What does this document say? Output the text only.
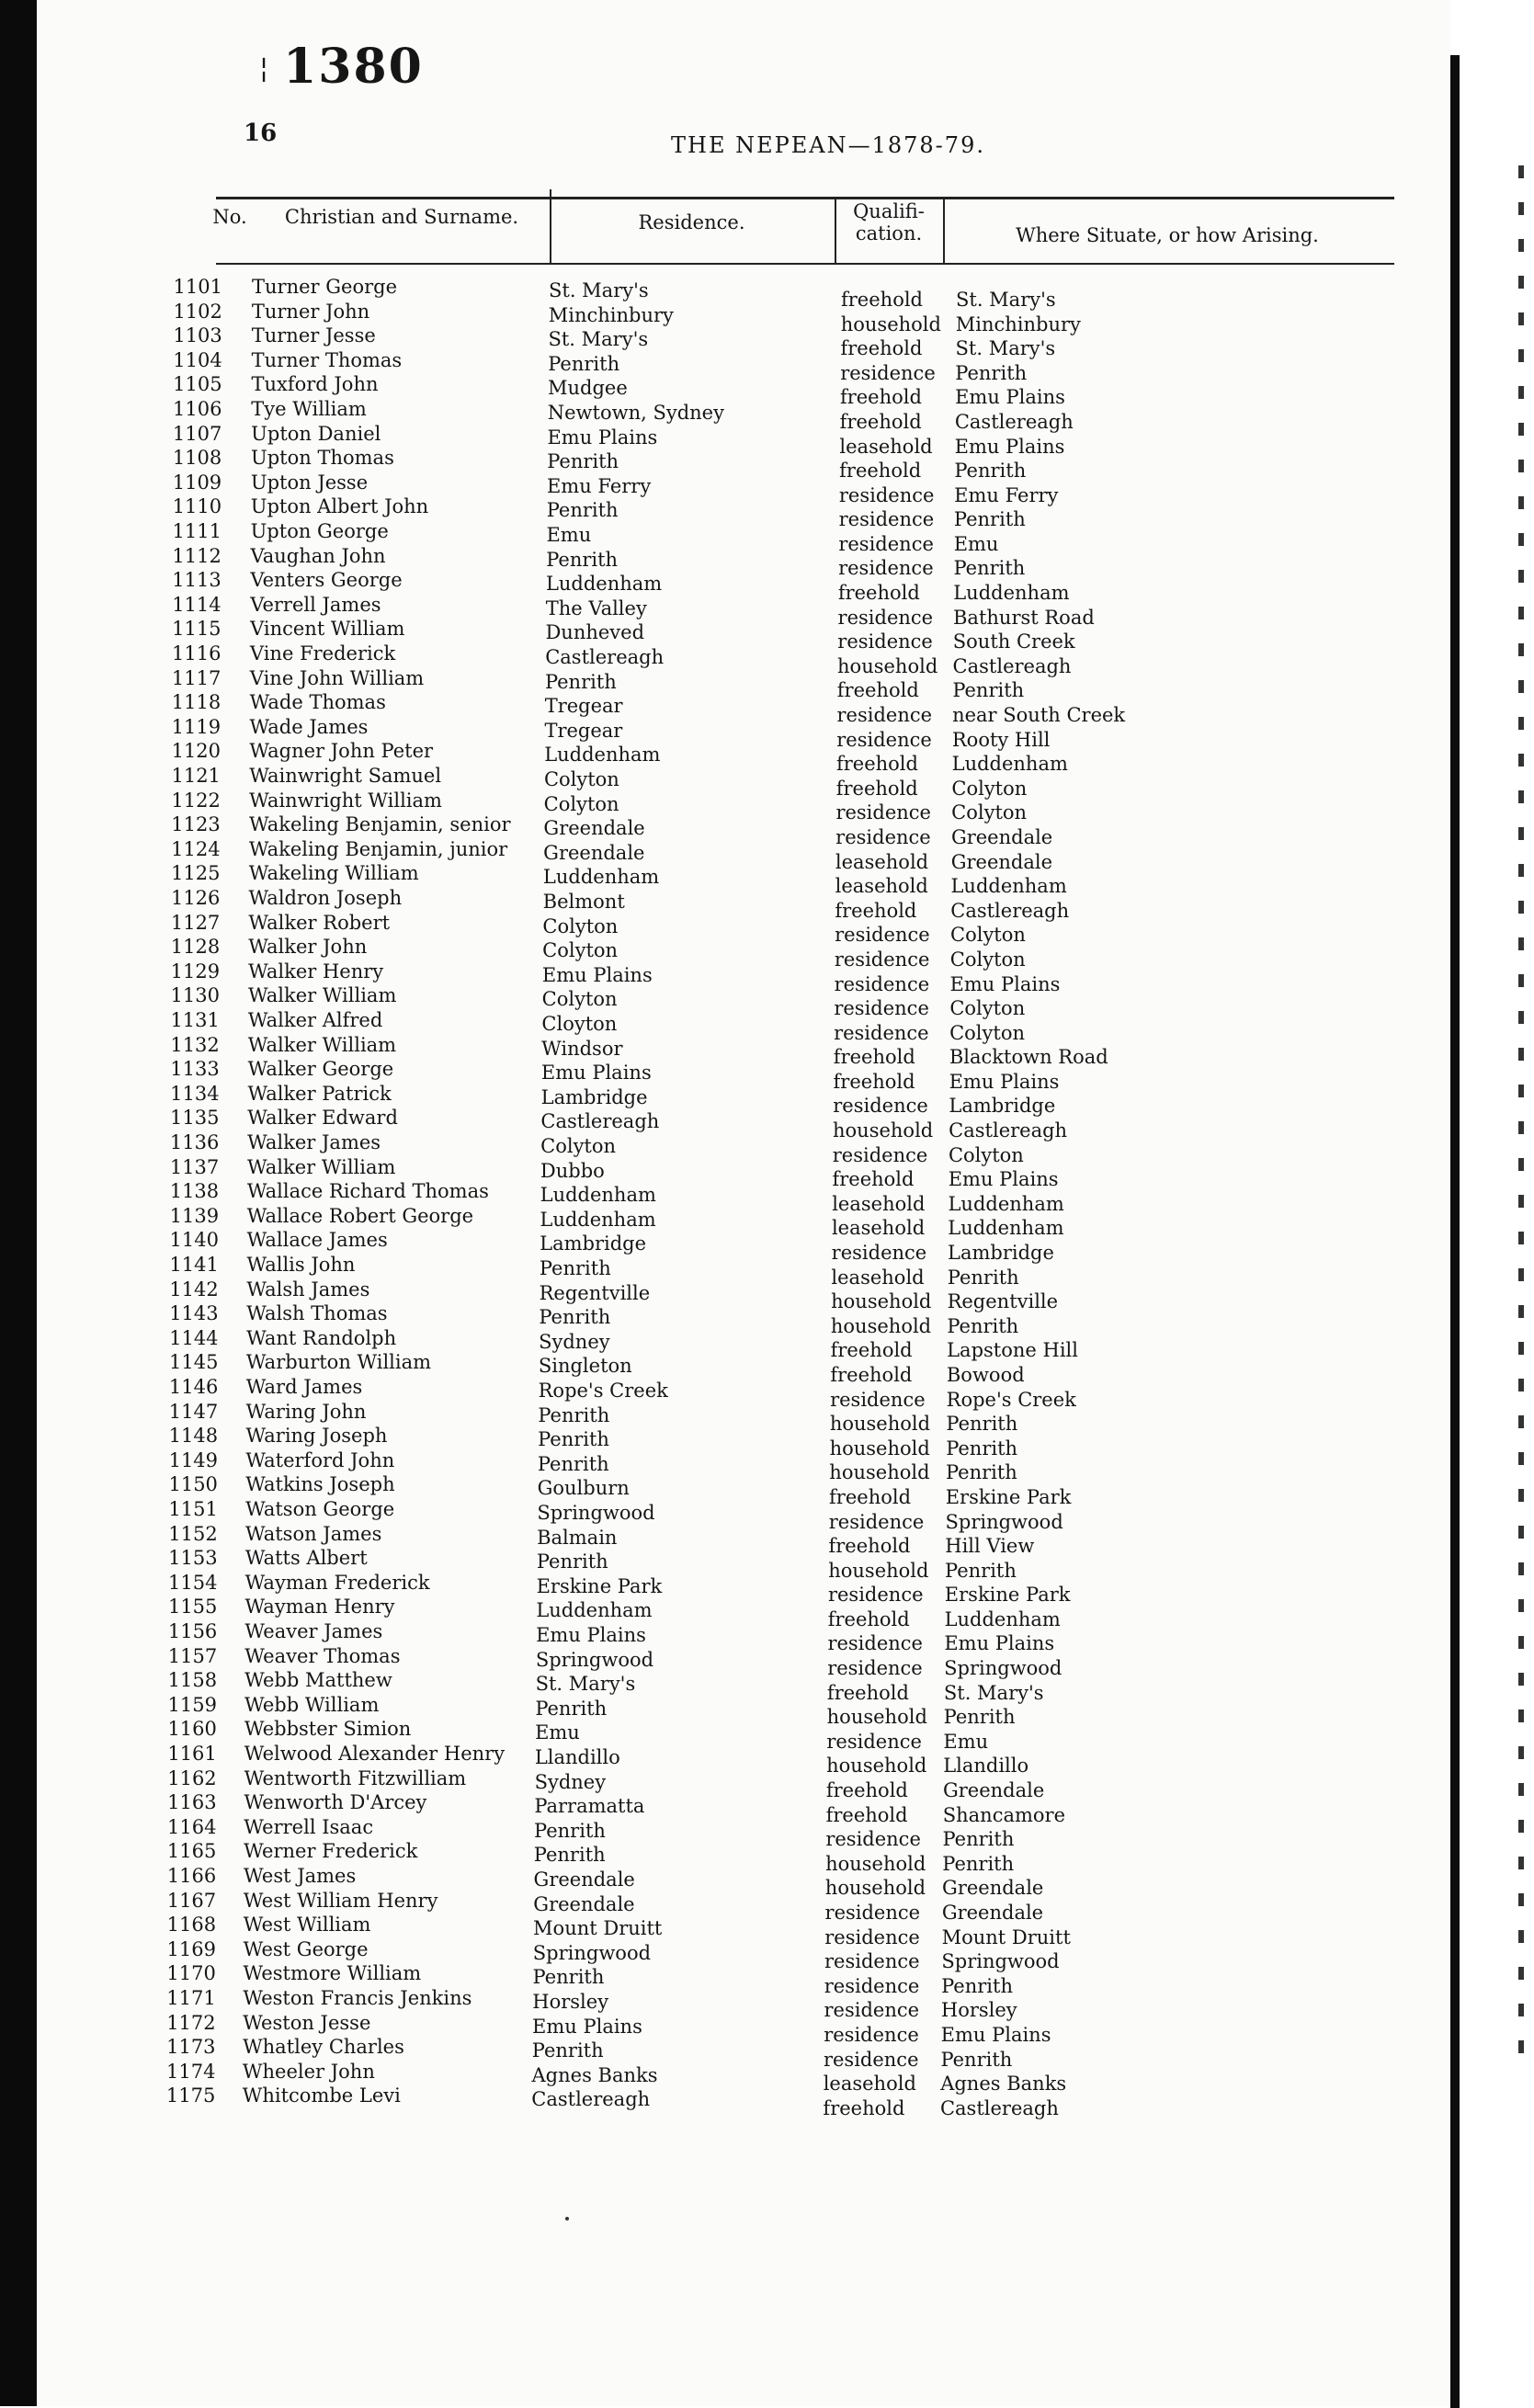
¦ 1380
16	THE NEPEAN—1878-79.
No.	Christian and Surname.	Residence.	Qualifi-
cation.	Where Situate, or how Arising.
1101 Turner George	St. Mary's	freehold St. Mary's
1102 Turner John	Minchinbury	household Minchinbury
1103 Turner Jesse	St. Mary's	freehold St. Mary's
1104 Turner Thomas	Penrith	residence Penrith
1105 Tuxford John	Mudgee	freehold Emu Plains
1106 Tye William	Newtown, Sydney	freehold Castlereagh
1107 Upton Daniel	Emu Plains	leasehold Emu Plains
1108 Upton Thomas	Penrith	freehold Penrith
1109 Upton Jesse	Emu Ferry	residence Emu Ferry
1110 Upton Albert John	Penrith	residence Penrith
1111 Upton George	Emu	residence Emu
1112 Vaughan John	Penrith	residence Penrith
1113 Venters George	Luddenham	freehold Luddenham
1114 Verrell James	The Valley	residence Bathurst Road
1115 Vincent William	Dunheved	residence South Creek
1116 Vine Frederick	Castlereagh	household Castlereagh
1117 Vine John William	Penrith	freehold Penrith
1118 Wade Thomas	Tregear	residence near South Creek
1119 Wade James	Tregear	residence Rooty Hill
1120 Wagner John Peter	Luddenham	freehold Luddenham
1121 Wainwright Samuel	Colyton	freehold Colyton
1122 Wainwright William	Colyton	residence Colyton
1123 Wakeling Benjamin, senior Greendale	residence Greendale
1124 Wakeling Benjamin, junior Greendale	leasehold Greendale
1125 Wakeling William	Luddenham	leasehold Luddenham
1126 Waldron Joseph	Belmont	freehold Castlereagh
1127 Walker Robert	Colyton	residence Colyton
1128 Walker John	Colyton	residence Colyton
1129 Walker Henry	Emu Plains	residence Emu Plains
1130 Walker William	Colyton	residence Colyton
1131 Walker Alfred	Cloyton	residence Colyton
1132 Walker William	Windsor	freehold Blacktown Road
1133 Walker George	Emu Plains	freehold Emu Plains
1134 Walker Patrick	Lambridge	residence Lambridge
1135 Walker Edward	Castlereagh	household Castlereagh
1136 Walker James	Colyton	residence Colyton
1137 Walker William	Dubbo	freehold Emu Plains
1138 Wallace Richard Thomas	Luddenham	leasehold Luddenham
1139 Wallace Robert George	Luddenham	leasehold Luddenham
1140 Wallace James	Lambridge	residence Lambridge
1141 Wallis John	Penrith	leasehold Penrith
1142 Walsh James	Regentville	household Regentville
1143 Walsh Thomas	Penrith	household Penrith
1144 Want Randolph	Sydney	freehold Lapstone Hill
1145 Warburton William	Singleton	freehold Bowood
1146 Ward James	Rope's Creek	residence Rope's Creek
1147 Waring John	Penrith	household Penrith
1148 Waring Joseph	Penrith	household Penrith
1149 Waterford John	Penrith	household Penrith
1150 Watkins Joseph	Goulburn	freehold Erskine Park
1151 Watson George	Springwood	residence Springwood
1152 Watson James	Balmain	freehold Hill View
1153 Watts Albert	Penrith	household Penrith
1154 Wayman Frederick	Erskine Park	residence Erskine Park
1155 Wayman Henry	Luddenham	freehold Luddenham
1156 Weaver James	Emu Plains	residence Emu Plains
1157 Weaver Thomas	Springwood	residence Springwood
1158 Webb Matthew	St. Mary's	freehold St. Mary's
1159 Webb William	Penrith	household Penrith
1160 Webbster Simion	Emu	residence Emu
1161 Welwood Alexander Henry Llandillo	household Llandillo
1162 Wentworth Fitzwilliam	Sydney	freehold Greendale
1163 Wenworth D'Arcey	Parramatta	freehold Shancamore
1164 Werrell Isaac	Penrith	residence Penrith
1165 Werner Frederick	Penrith	household Penrith
1166 West James	Greendale	household Greendale
1167 West William Henry	Greendale	residence Greendale
1168 West William	Mount Druitt	residence Mount Druitt
1169 West George	Springwood	residence Springwood
1170 Westmore William	Penrith	residence Penrith
1171 Weston Francis Jenkins	Horsley	residence Horsley
1172 Weston Jesse	Emu Plains	residence Emu Plains
1173 Whatley Charles	Penrith	residence Penrith
1174 Wheeler John	Agnes Banks	leasehold Agnes Banks
1175 Whitcombe Levi	Castlereagh	freehold Castlereagh
